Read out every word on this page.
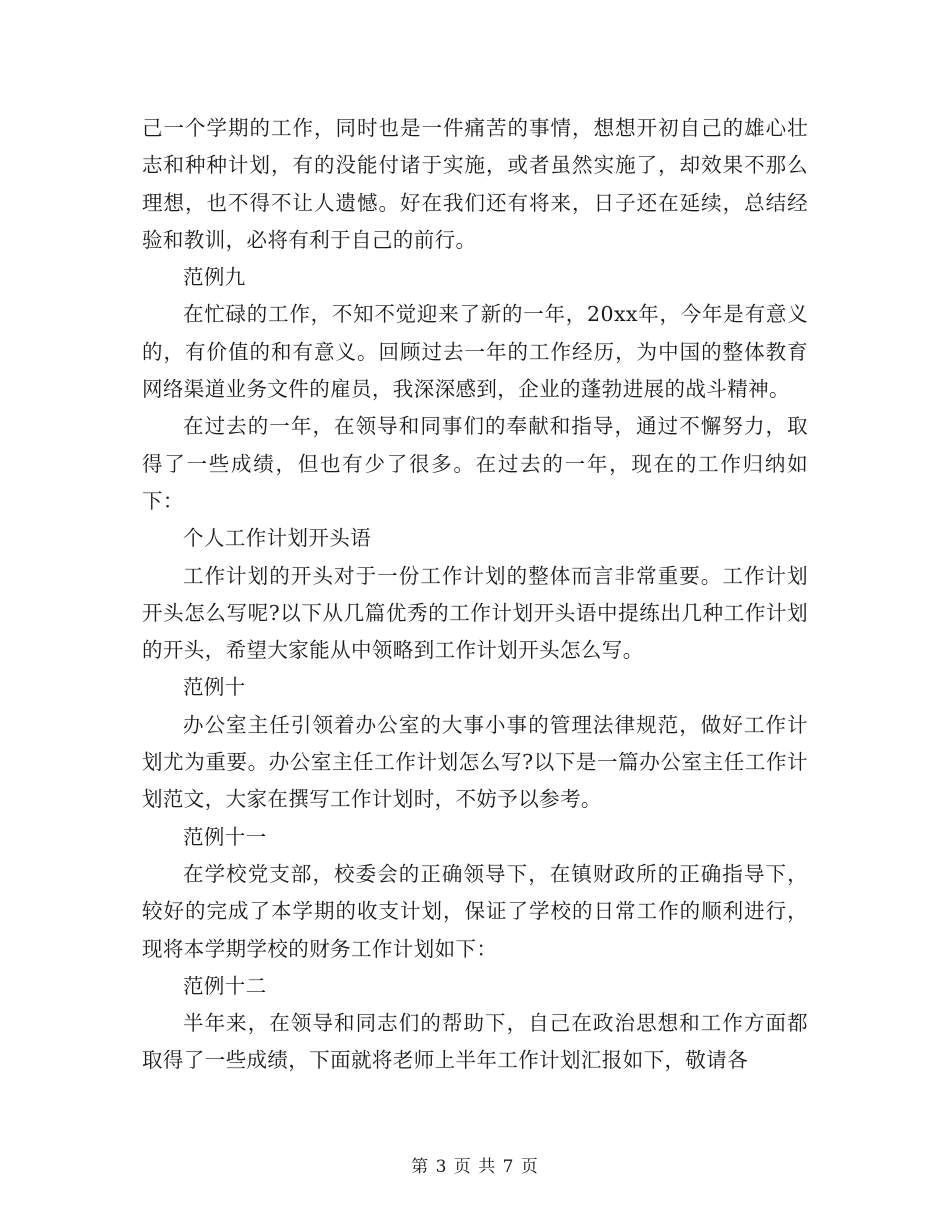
己一个学期的工作，同时也是一件痛苦的事情，想想开初自己的雄心壮志和种种计划，有的没能付诸于实施，或者虽然实施了，却效果不那么理想，也不得不让人遗憾。好在我们还有将来，日子还在延续，总结经验和教训，必将有利于自己的前行。

范例九

在忙碌的工作，不知不觉迎来了新的一年，20xx年，今年是有意义的，有价值的和有意义。回顾过去一年的工作经历，为中国的整体教育网络渠道业务文件的雇员，我深深感到，企业的蓬勃进展的战斗精神。

在过去的一年，在领导和同事们的奉献和指导，通过不懈努力，取得了一些成绩，但也有少了很多。在过去的一年，现在的工作归纳如下：

个人工作计划开头语

工作计划的开头对于一份工作计划的整体而言非常重要。工作计划开头怎么写呢?以下从几篇优秀的工作计划开头语中提练出几种工作计划的开头，希望大家能从中领略到工作计划开头怎么写。

范例十

办公室主任引领着办公室的大事小事的管理法律规范，做好工作计划尤为重要。办公室主任工作计划怎么写?以下是一篇办公室主任工作计划范文，大家在撰写工作计划时，不妨予以参考。

范例十一

在学校党支部，校委会的正确领导下，在镇财政所的正确指导下，较好的完成了本学期的收支计划，保证了学校的日常工作的顺利进行，现将本学期学校的财务工作计划如下：

范例十二

半年来，在领导和同志们的帮助下，自己在政治思想和工作方面都取得了一些成绩，下面就将老师上半年工作计划汇报如下，敬请各

第 3 页 共 7 页
